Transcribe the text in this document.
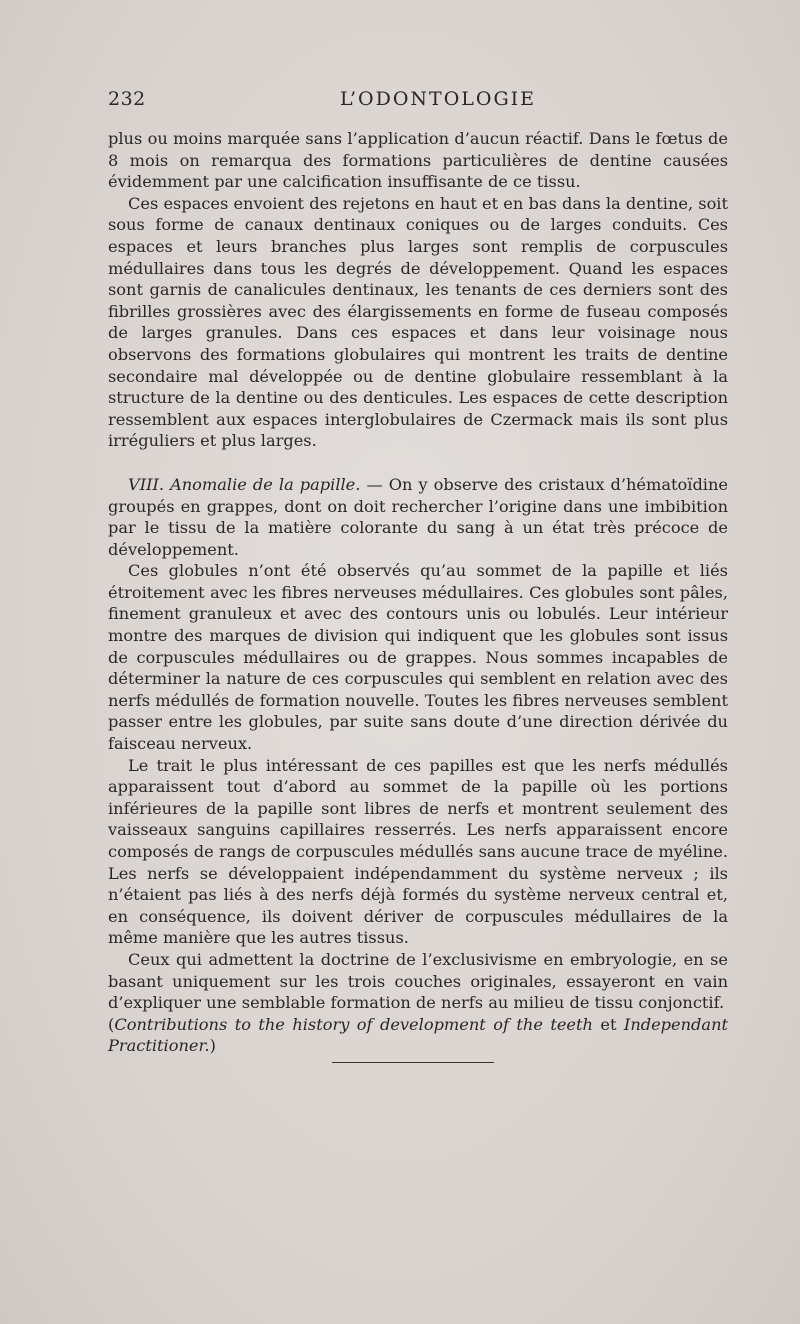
232	L’ODONTOLOGIE

plus ou moins marquée sans l’application d’aucun réactif. Dans le fœtus de 8 mois on remarqua des formations particulières de dentine causées évidemment par une calcification insuffisante de ce tissu.

Ces espaces envoient des rejetons en haut et en bas dans la dentine, soit sous forme de canaux dentinaux coniques ou de larges conduits. Ces espaces et leurs branches plus larges sont remplis de corpuscules médullaires dans tous les degrés de développement. Quand les espaces sont garnis de canalicules dentinaux, les tenants de ces derniers sont des fibrilles grossières avec des élargissements en forme de fuseau composés de larges granules. Dans ces espaces et dans leur voisinage nous observons des formations globulaires qui montrent les traits de dentine secondaire mal développée ou de dentine globulaire ressemblant à la structure de la dentine ou des denticules. Les espaces de cette description ressemblent aux espaces interglobulaires de Czermack mais ils sont plus irréguliers et plus larges.

VIII. Anomalie de la papille. — On y observe des cristaux d’hématoïdine groupés en grappes, dont on doit rechercher l’origine dans une imbibition par le tissu de la matière colorante du sang à un état très précoce de développement.

Ces globules n’ont été observés qu’au sommet de la papille et liés étroitement avec les fibres nerveuses médullaires. Ces globules sont pâles, finement granuleux et avec des contours unis ou lobulés. Leur intérieur montre des marques de division qui indiquent que les globules sont issus de corpuscules médullaires ou de grappes. Nous sommes incapables de déterminer la nature de ces corpuscules qui semblent en relation avec des nerfs médullés de formation nouvelle. Toutes les fibres nerveuses semblent passer entre les globules, par suite sans doute d’une direction dérivée du faisceau nerveux.

Le trait le plus intéressant de ces papilles est que les nerfs médullés apparaissent tout d’abord au sommet de la papille où les portions inférieures de la papille sont libres de nerfs et montrent seulement des vaisseaux sanguins capillaires resserrés. Les nerfs apparaissent encore composés de rangs de corpuscules médullés sans aucune trace de myéline. Les nerfs se développaient indépendamment du système nerveux ; ils n’étaient pas liés à des nerfs déjà formés du système nerveux central et, en conséquence, ils doivent dériver de corpuscules médullaires de la même manière que les autres tissus.

Ceux qui admettent la doctrine de l’exclusivisme en embryologie, en se basant uniquement sur les trois couches originales, essayeront en vain d’expliquer une semblable formation de nerfs au milieu de tissu conjonctif.

(Contributions to the history of development of the teeth et Independant Practitioner.)
